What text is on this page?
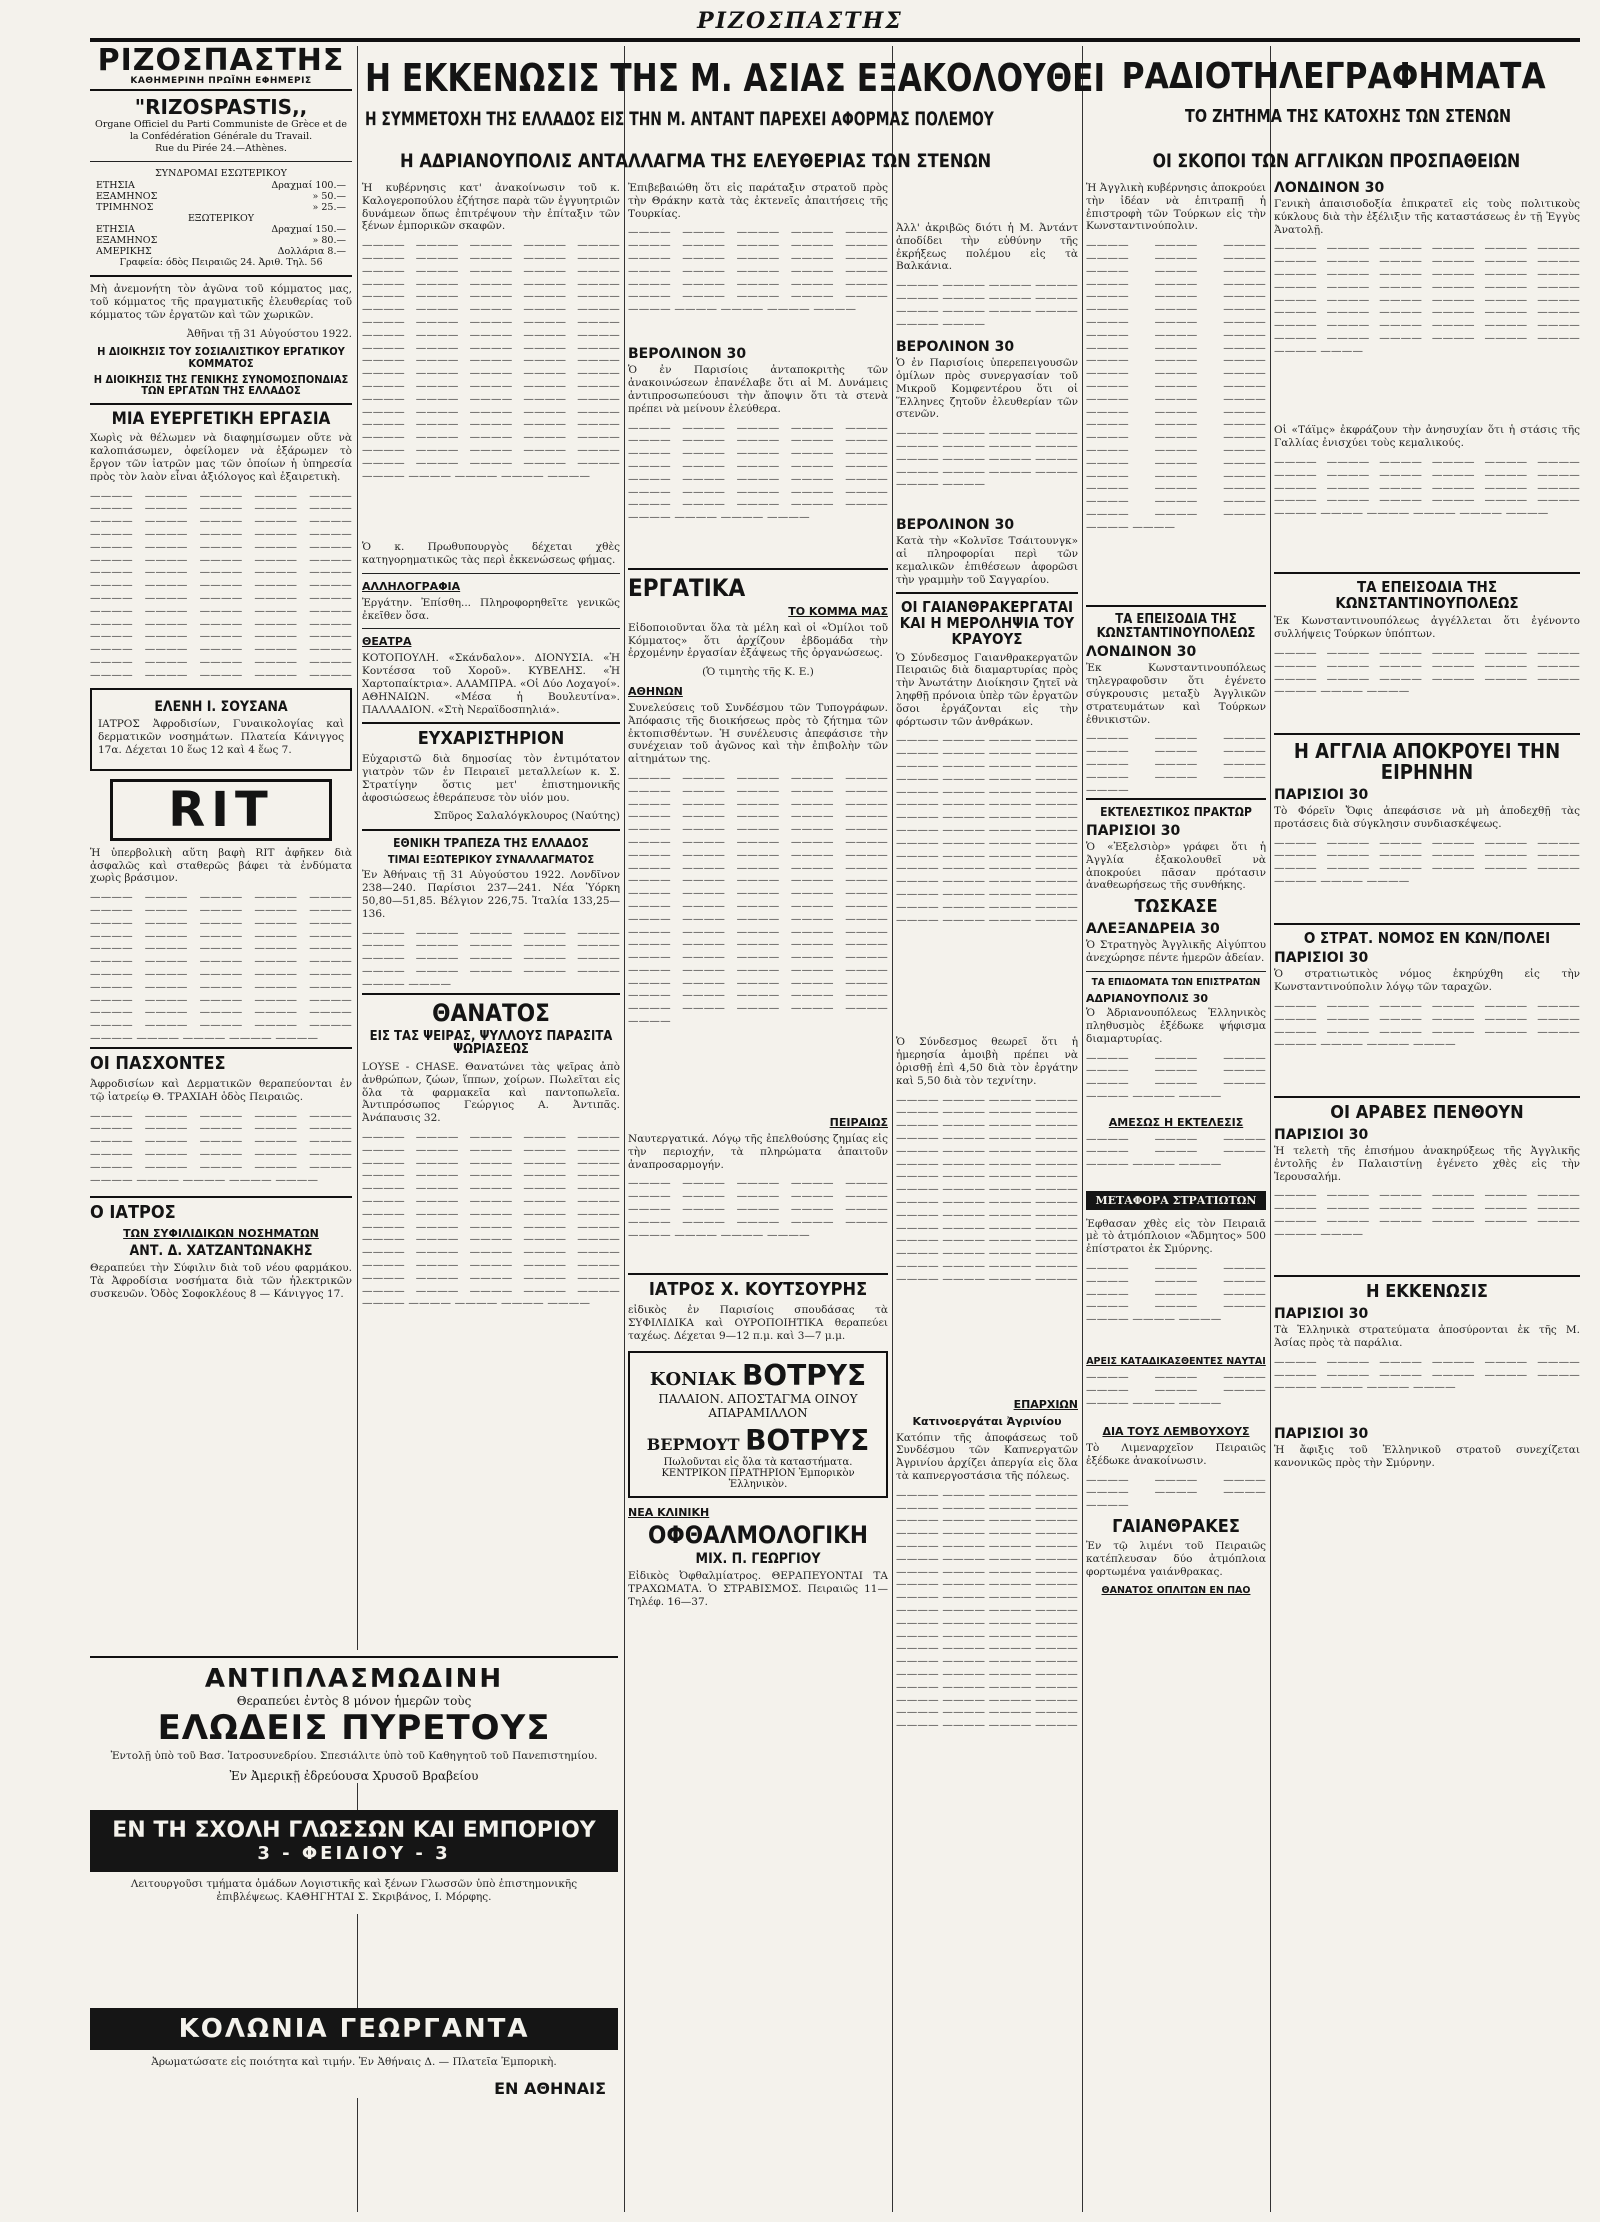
ΡΙΖΟΣΠΑΣΤΗΣ
Η ΕΚΚΕΝΩΣΙΣ ΤΗΣ Μ. ΑΣΙΑΣ ΕΞΑΚΟΛΟΥΘΕΙ
Η ΣΥΜΜΕΤΟΧΗ ΤΗΣ ΕΛΛΑΔΟΣ ΕΙΣ ΤΗΝ Μ. ΑΝΤΑΝΤ ΠΑΡΕΧΕΙ ΑΦΟΡΜΑΣ ΠΟΛΕΜΟΥ
Η ΑΔΡΙΑΝΟΥΠΟΛΙΣ ΑΝΤΑΛΛΑΓΜΑ ΤΗΣ ΕΛΕΥΘΕΡΙΑΣ ΤΩΝ ΣΤΕΝΩΝ
ΡΑΔΙΟΤΗΛΕΓΡΑΦΗΜΑΤΑ
ΤΟ ΖΗΤΗΜΑ ΤΗΣ ΚΑΤΟΧΗΣ ΤΩΝ ΣΤΕΝΩΝ
ΟΙ ΣΚΟΠΟΙ ΤΩΝ ΑΓΓΛΙΚΩΝ ΠΡΟΣΠΑΘΕΙΩΝ
ΡΙΖΟΣΠΑΣΤΗΣ
ΚΑΘΗΜΕΡΙΝΗ ΠΡΩΪΝΗ ΕΦΗΜΕΡΙΣ
"RIZOSPASTIS,,
Organe Officiel du Parti Communiste de Grèce et de la Confédération Générale du Travail.
Rue du Pirée 24.—Athènes.
ΣΥΝΔΡΟΜΑΙ ΕΣΩΤΕΡΙΚΟΥ
ΕΤΗΣΙΑ	Δραχμαί 100.—
ΕΞΑΜΗΝΟΣ	» 50.—
ΤΡΙΜΗΝΟΣ	» 25.—
ΕΞΩΤΕΡΙΚΟΥ
ΕΤΗΣΙΑ	Δραχμαί 150.—
ΕΞΑΜΗΝΟΣ	» 80.—
ΑΜΕΡΙΚΗΣ	Δολλάρια 8.—
Γραφεία: όδὸς Πειραιῶς 24. Ἀριθ. Τηλ. 56
Μὴ ἀνεμονήτη τὸν ἀγῶνα τοῦ κόμματος μας, τοῦ κόμματος τῆς πραγματικῆς ἐλευθερίας τοῦ κόμματος τῶν ἐργατῶν καὶ τῶν χωρικῶν.
Ἀθῆναι τῇ 31 Αὐγούστου 1922.
Η ΔΙΟΙΚΗΣΙΣ ΤΟΥ ΣΟΣΙΑΛΙΣΤΙΚΟΥ ΕΡΓΑΤΙΚΟΥ ΚΟΜΜΑΤΟΣ
Η ΔΙΟΙΚΗΣΙΣ ΤΗΣ ΓΕΝΙΚΗΣ ΣΥΝΟΜΟΣΠΟΝΔΙΑΣ ΤΩΝ ΕΡΓΑΤΩΝ ΤΗΣ ΕΛΛΑΔΟΣ
ΜΙΑ ΕΥΕΡΓΕΤΙΚΗ ΕΡΓΑΣΙΑ
Χωρὶς νὰ θέλωμεν νὰ διαφημίσωμεν οὔτε νὰ καλοπιάσωμεν, ὀφείλομεν νὰ ἐξάρωμεν τὸ ἔργον τῶν ἰατρῶν μας τῶν ὁποίων ἡ ὑπηρεσία πρὸς τὸν λαὸν εἶναι ἀξιόλογος καὶ ἐξαιρετικὴ.
———— ———— ———— ———— ———— ———— ———— ———— ———— ———— ———— ———— ———— ———— ———— ———— ———— ———— ———— ———— ———— ———— ———— ———— ———— ———— ———— ———— ———— ———— ———— ———— ———— ———— ———— ———— ———— ———— ———— ———— ———— ———— ———— ———— ———— ———— ———— ———— ———— ———— ———— ———— ———— ———— ———— ———— ———— ———— ———— ———— ———— ———— ———— ———— ———— ———— ———— ———— ———— ———— ———— ———— ———— ———— ————
ΕΛΕΝΗ Ι. ΣΟΥΣΑΝΑ
ΙΑΤΡΟΣ Ἀφροδισίων, Γυναικολογίας καὶ δερματικῶν νοσημάτων. Πλατεία Κάνιγγος 17α. Δέχεται 10 ἕως 12 καὶ 4 ἕως 7.
RIT
Ἡ ὑπερβολικὴ αὕτη βαφὴ RIT ἀφῆκεν διὰ ἀσφαλῶς καὶ σταθερῶς βάφει τὰ ἐνδύματα χωρὶς βράσιμον.
———— ———— ———— ———— ———— ———— ———— ———— ———— ———— ———— ———— ———— ———— ———— ———— ———— ———— ———— ———— ———— ———— ———— ———— ———— ———— ———— ———— ———— ———— ———— ———— ———— ———— ———— ———— ———— ———— ———— ———— ———— ———— ———— ———— ———— ———— ———— ———— ———— ———— ———— ———— ———— ———— ———— ———— ———— ———— ———— ————
ΟΙ ΠΑΣΧΟΝΤΕΣ
Ἀφροδισίων καὶ Δερματικῶν θεραπεύονται ἐν τῷ ἰατρείῳ Θ. ΤΡΑΧΙΑΗ ὁδὸς Πειραιῶς.
———— ———— ———— ———— ———— ———— ———— ———— ———— ———— ———— ———— ———— ———— ———— ———— ———— ———— ———— ———— ———— ———— ———— ———— ———— ———— ———— ———— ———— ————
Ο ΙΑΤΡΟΣ
ΤΩΝ ΣΥΦΙΛΙΔΙΚΩΝ ΝΟΣΗΜΑΤΩΝ
ΑΝΤ. Δ. ΧΑΤΖΑΝΤΩΝΑΚΗΣ
Θεραπεύει τὴν Σύφιλιν διὰ τοῦ νέου φαρμάκου. Τὰ Ἀφροδίσια νοσήματα διὰ τῶν ἠλεκτρικῶν συσκευῶν. Ὁδὸς Σοφοκλέους 8 — Κάνιγγος 17.
Ἡ κυβέρνησις κατ' ἀνακοίνωσιν τοῦ κ. Καλογεροπούλου ἐζήτησε παρὰ τῶν ἐγγυητριῶν δυνάμεων ὅπως ἐπιτρέψουν τὴν ἐπίταξιν τῶν ξένων ἐμπορικῶν σκαφῶν.
———— ———— ———— ———— ———— ———— ———— ———— ———— ———— ———— ———— ———— ———— ———— ———— ———— ———— ———— ———— ———— ———— ———— ———— ———— ———— ———— ———— ———— ———— ———— ———— ———— ———— ———— ———— ———— ———— ———— ———— ———— ———— ———— ———— ———— ———— ———— ———— ———— ———— ———— ———— ———— ———— ———— ———— ———— ———— ———— ———— ———— ———— ———— ———— ———— ———— ———— ———— ———— ———— ———— ———— ———— ———— ———— ———— ———— ———— ———— ———— ———— ———— ———— ———— ———— ———— ———— ———— ———— ———— ———— ———— ———— ———— ————
Ὁ κ. Πρωθυπουργὸς δέχεται χθὲς κατηγορηματικῶς τὰς περὶ ἐκκενώσεως φήμας.
ΑΛΛΗΛΟΓΡΑΦΙΑ
Ἐργάτην. Ἐπίσθη... Πληροφορηθεῖτε γενικῶς ἐκεῖθεν ὅσα.
ΘΕΑΤΡΑ
ΚΟΤΟΠΟΥΛΗ. «Σκάνδαλον». ΔΙΟΝΥΣΙΑ. «Ἡ Κοντέσσα τοῦ Χοροῦ». ΚΥΒΕΛΗΣ. «Ἡ Χαρτοπαίκτρια». ΑΛΑΜΠΡΑ. «Οἱ Δύο Λοχαγοί». ΑΘΗΝΑΙΩΝ. «Μέσα ἡ Βουλευτίνα». ΠΑΛΛΑΔΙΟΝ. «Στὴ Νεραϊδοσπηλιά».
ΕΥΧΑΡΙΣΤΗΡΙΟΝ
Εὐχαριστῶ διὰ δημοσίας τὸν ἐντιμότατον γιατρὸν τῶν ἐν Πειραιεῖ μεταλλείων κ. Σ. Στρατίγην ὅστις μετ' ἐπιστημονικῆς ἀφοσιώσεως ἐθεράπευσε τὸν υἱόν μου.
Σπῦρος Σαλαλόγκλουρος (Ναύτης)
ΕΘΝΙΚΗ ΤΡΑΠΕΖΑ ΤΗΣ ΕΛΛΑΔΟΣ
ΤΙΜΑΙ ΕΞΩΤΕΡΙΚΟΥ ΣΥΝΑΛΛΑΓΜΑΤΟΣ
Ἐν Ἀθήναις τῇ 31 Αὐγούστου 1922. Λονδῖνον 238—240. Παρίσιοι 237—241. Νέα Ὑόρκη 50,80—51,85. Βέλγιον 226,75. Ἰταλία 133,25—136.
———— ———— ———— ———— ———— ———— ———— ———— ———— ———— ———— ———— ———— ———— ———— ———— ———— ———— ———— ———— ———— ————
ΘΑΝΑΤΟΣ
ΕΙΣ ΤΑΣ ΨΕΙΡΑΣ, ΨΥΛΛΟΥΣ ΠΑΡΑΣΙΤΑ ΨΩΡΙΑΣΕΩΣ
LOYSE - CHASE. Θανατώνει τὰς ψεῖρας ἀπὸ ἀνθρώπων, ζώων, ἵππων, χοίρων. Πωλεῖται εἰς ὅλα τὰ φαρμακεῖα καὶ παντοπωλεῖα. Ἀντιπρόσωπος Γεώργιος Α. Ἀντιπᾶς. Ἀνάπαυσις 32.
———— ———— ———— ———— ———— ———— ———— ———— ———— ———— ———— ———— ———— ———— ———— ———— ———— ———— ———— ———— ———— ———— ———— ———— ———— ———— ———— ———— ———— ———— ———— ———— ———— ———— ———— ———— ———— ———— ———— ———— ———— ———— ———— ———— ———— ———— ———— ———— ———— ———— ———— ———— ———— ———— ———— ———— ———— ———— ———— ———— ———— ———— ———— ———— ———— ———— ———— ———— ———— ————
Ἐπιβεβαιώθη ὅτι εἰς παράταξιν στρατοῦ πρὸς τὴν Θράκην κατὰ τὰς ἐκτενεῖς ἀπαιτήσεις τῆς Τουρκίας.
———— ———— ———— ———— ———— ———— ———— ———— ———— ———— ———— ———— ———— ———— ———— ———— ———— ———— ———— ———— ———— ———— ———— ———— ———— ———— ———— ———— ———— ———— ———— ———— ———— ———— ————
ΒΕΡΟΛΙΝΟΝ 30
Ὁ ἐν Παρισίοις ἀνταποκριτὴς τῶν ἀνακοινώσεων ἐπανέλαβε ὅτι αἱ Μ. Δυνάμεις ἀντιπροσωπεύουσι τὴν ἄποψιν ὅτι τὰ στενὰ πρέπει νὰ μείνουν ἐλεύθερα.
———— ———— ———— ———— ———— ———— ———— ———— ———— ———— ———— ———— ———— ———— ———— ———— ———— ———— ———— ———— ———— ———— ———— ———— ———— ———— ———— ———— ———— ———— ———— ———— ———— ———— ———— ———— ———— ———— ————
ΕΡΓΑΤΙΚΑ
ΤΟ ΚΟΜΜΑ ΜΑΣ
Εἰδοποιοῦνται ὅλα τὰ μέλη καὶ οἱ «Ὀμίλοι τοῦ Κόμματος» ὅτι ἀρχίζουν ἐβδομάδα τὴν ἐρχομένην ἐργασίαν ἐξάψεως τῆς ὀργανώσεως.
(Ὁ τιμητὴς τῆς Κ. Ε.)
ΑΘΗΝΩΝ
Συνελεύσεις τοῦ Συνδέσμου τῶν Τυπογράφων. Ἀπόφασις τῆς διοικήσεως πρὸς τὸ ζήτημα τῶν ἐκτοπισθέντων. Ἡ συνέλευσις ἀπεφάσισε τὴν συνέχειαν τοῦ ἀγῶνος καὶ τὴν ἐπιβολὴν τῶν αἰτημάτων της.
———— ———— ———— ———— ———— ———— ———— ———— ———— ———— ———— ———— ———— ———— ———— ———— ———— ———— ———— ———— ———— ———— ———— ———— ———— ———— ———— ———— ———— ———— ———— ———— ———— ———— ———— ———— ———— ———— ———— ———— ———— ———— ———— ———— ———— ———— ———— ———— ———— ———— ———— ———— ———— ———— ———— ———— ———— ———— ———— ———— ———— ———— ———— ———— ———— ———— ———— ———— ———— ———— ———— ———— ———— ———— ———— ———— ———— ———— ———— ———— ———— ———— ———— ———— ———— ———— ———— ———— ———— ———— ———— ———— ———— ———— ———— ————
ΠΕΙΡΑΙΩΣ
Ναυτεργατικά. Λόγῳ τῆς ἐπελθούσης ζημίας εἰς τὴν περιοχήν, τὰ πληρώματα ἀπαιτοῦν ἀναπροσαρμογήν.
———— ———— ———— ———— ———— ———— ———— ———— ———— ———— ———— ———— ———— ———— ———— ———— ———— ———— ———— ———— ———— ———— ———— ————
ΙΑΤΡΟΣ Χ. ΚΟΥΤΣΟΥΡΗΣ
εἰδικὸς ἐν Παρισίοις σπουδάσας τὰ ΣΥΦΙΛΙΔΙΚΑ καὶ ΟΥΡΟΠΟΙΗΤΙΚΑ θεραπεύει ταχέως. Δέχεται 9—12 π.μ. καὶ 3—7 μ.μ.
ΚΟΝΙΑΚ ΒΟΤΡΥΣ
ΠΑΛΑΙΟΝ. ΑΠΟΣΤΑΓΜΑ ΟΙΝΟΥ ΑΠΑΡΑΜΙΛΛΟΝ
ΒΕΡΜΟΥΤ ΒΟΤΡΥΣ
Πωλοῦνται εἰς ὅλα τὰ καταστήματα. ΚΕΝΤΡΙΚΟΝ ΠΡΑΤΗΡΙΟΝ Ἐμπορικὸν Ἑλληνικὸν.
ΝΕΑ ΚΛΙΝΙΚΗ
ΟΦΘΑΛΜΟΛΟΓΙΚΗ
ΜΙΧ. Π. ΓΕΩΡΓΙΟΥ
Εἰδικὸς Ὀφθαλμίατρος. ΘΕΡΑΠΕΥΟΝΤΑΙ ΤΑ ΤΡΑΧΩΜΑΤΑ. Ὁ ΣΤΡΑΒΙΣΜΟΣ. Πειραιῶς 11—Τηλέφ. 16—37.
Ἀλλ' ἀκριβῶς διότι ἡ Μ. Ἀντάντ ἀποδίδει τὴν εὐθύνην τῆς ἐκρήξεως πολέμου εἰς τὰ Βαλκάνια.
———— ———— ———— ———— ———— ———— ———— ———— ———— ———— ———— ———— ———— ————
ΒΕΡΟΛΙΝΟΝ 30
Ὁ ἐν Παρισίοις ὑπερεπειγουσῶν ὁμίλων πρὸς συνεργασίαν τοῦ Μικροῦ Κομφεντέρου ὅτι οἱ Ἕλληνες ζητοῦν ἐλευθερίαν τῶν στενῶν.
———— ———— ———— ———— ———— ———— ———— ———— ———— ———— ———— ———— ———— ———— ———— ———— ———— ————
ΒΕΡΟΛΙΝΟΝ 30
Κατὰ τὴν «Κολνῖσε Τσάιτουνγκ» αἱ πληροφορίαι περὶ τῶν κεμαλικῶν ἐπιθέσεων ἀφορῶσι τὴν γραμμὴν τοῦ Σαγγαρίου.
ΟΙ ΓΑΙΑΝΘΡΑΚΕΡΓΑΤΑΙ ΚΑΙ Η ΜΕΡΟΛΗΨΙΑ ΤΟΥ ΚΡΑΥΟΥΣ
Ὁ Σύνδεσμος Γαιανθρακεργατῶν Πειραιῶς διὰ διαμαρτυρίας πρὸς τὴν Ἀνωτάτην Διοίκησιν ζητεῖ νὰ ληφθῇ πρόνοια ὑπὲρ τῶν ἐργατῶν ὅσοι ἐργάζονται εἰς τὴν φόρτωσιν τῶν ἀνθράκων.
———— ———— ———— ———— ———— ———— ———— ———— ———— ———— ———— ———— ———— ———— ———— ———— ———— ———— ———— ———— ———— ———— ———— ———— ———— ———— ———— ———— ———— ———— ———— ———— ———— ———— ———— ———— ———— ———— ———— ———— ———— ———— ———— ———— ———— ———— ———— ———— ———— ———— ———— ———— ———— ———— ———— ———— ———— ———— ———— ————
Ὁ Σύνδεσμος θεωρεῖ ὅτι ἡ ἡμερησία ἀμοιβὴ πρέπει νὰ ὁρισθῇ ἐπὶ 4,50 διὰ τὸν ἐργάτην καὶ 5,50 διὰ τὸν τεχνίτην.
———— ———— ———— ———— ———— ———— ———— ———— ———— ———— ———— ———— ———— ———— ———— ———— ———— ———— ———— ———— ———— ———— ———— ———— ———— ———— ———— ———— ———— ———— ———— ———— ———— ———— ———— ———— ———— ———— ———— ———— ———— ———— ———— ———— ———— ———— ———— ———— ———— ———— ———— ———— ———— ———— ———— ———— ———— ———— ———— ————
ΕΠΑΡΧΙΩΝ
Κατινοεργάται Ἀγρινίου
Κατόπιν τῆς ἀποφάσεως τοῦ Συνδέσμου τῶν Καπνεργατῶν Ἀγρινίου ἀρχίζει ἀπεργία εἰς ὅλα τὰ καπνεργοστάσια τῆς πόλεως.
———— ———— ———— ———— ———— ———— ———— ———— ———— ———— ———— ———— ———— ———— ———— ———— ———— ———— ———— ———— ———— ———— ———— ———— ———— ———— ———— ———— ———— ———— ———— ———— ———— ———— ———— ———— ———— ———— ———— ———— ———— ———— ———— ———— ———— ———— ———— ———— ———— ———— ———— ———— ———— ———— ———— ———— ———— ———— ———— ———— ———— ———— ———— ———— ———— ———— ———— ———— ———— ———— ———— ———— ———— ———— ———— ————
Ἡ Ἀγγλικὴ κυβέρνησις ἀποκρούει τὴν ἰδέαν νὰ ἐπιτραπῇ ἡ ἐπιστροφὴ τῶν Τούρκων εἰς τὴν Κωνσταντινούπολιν.
———— ———— ———— ———— ———— ———— ———— ———— ———— ———— ———— ———— ———— ———— ———— ———— ———— ———— ———— ———— ———— ———— ———— ———— ———— ———— ———— ———— ———— ———— ———— ———— ———— ———— ———— ———— ———— ———— ———— ———— ———— ———— ———— ———— ———— ———— ———— ———— ———— ———— ———— ———— ———— ———— ———— ———— ———— ———— ———— ———— ———— ———— ———— ———— ———— ———— ———— ————
ΤΑ ΕΠΕΙΣΟΔΙΑ ΤΗΣ ΚΩΝΣΤΑΝΤΙΝΟΥΠΟΛΕΩΣ
ΛΟΝΔΙΝΟΝ 30
Ἐκ Κωνσταντινουπόλεως τηλεγραφοῦσιν ὅτι ἐγένετο σύγκρουσις μεταξὺ Ἀγγλικῶν στρατευμάτων καὶ Τούρκων ἐθνικιστῶν.
———— ———— ———— ———— ———— ———— ———— ———— ———— ———— ———— ———— ————
ΕΚΤΕΛΕΣΤΙΚΟΣ ΠΡΑΚΤΩΡ
ΠΑΡΙΣΙΟΙ 30
Ὁ «Ἐξελσιὸρ» γράφει ὅτι ἡ Ἀγγλία ἐξακολουθεῖ νὰ ἀποκρούει πᾶσαν πρότασιν ἀναθεωρήσεως τῆς συνθήκης.
ΤΩΣΚΑΣΕ
ΑΛΕΞΑΝΔΡΕΙΑ 30
Ὁ Στρατηγὸς Ἀγγλικῆς Αἰγύπτου ἀνεχώρησε πέντε ἡμερῶν ἀδείαν.
ΤΑ ΕΠΙΔΟΜΑΤΑ ΤΩΝ ΕΠΙΣΤΡΑΤΩΝ
ΑΔΡΙΑΝΟΥΠΟΛΙΣ 30
Ὁ Ἀδριανουπόλεως Ἑλληνικὸς πληθυσμὸς ἐξέδωκε ψήφισμα διαμαρτυρίας.
———— ———— ———— ———— ———— ———— ———— ———— ———— ———— ———— ————
ΑΜΕΣΩΣ Η ΕΚΤΕΛΕΣΙΣ
———— ———— ———— ———— ———— ———— ———— ———— ————
ΜΕΤΑΦΟΡΑ ΣΤΡΑΤΙΩΤΩΝ
Ἐφθασαν χθὲς εἰς τὸν Πειραιᾶ μὲ τὸ ἀτμόπλοιον «Ἄδμητος» 500 ἐπίστρατοι ἐκ Σμύρνης.
———— ———— ———— ———— ———— ———— ———— ———— ———— ———— ———— ———— ———— ———— ————
ΑΡΕΙΣ ΚΑΤΑΔΙΚΑΣΘΕΝΤΕΣ ΝΑΥΤΑΙ
———— ———— ———— ———— ———— ———— ———— ———— ————
ΔΙΑ ΤΟΥΣ ΛΕΜΒΟΥΧΟΥΣ
Τὸ Λιμεναρχεῖον Πειραιῶς ἐξέδωκε ἀνακοίνωσιν.
———— ———— ———— ———— ———— ———— ————
ΓΑΙΑΝΘΡΑΚΕΣ
Ἐν τῷ λιμένι τοῦ Πειραιῶς κατέπλευσαν δύο ἀτμόπλοια φορτωμένα γαιάνθρακας.
ΘΑΝΑΤΟΣ ΟΠΛΙΤΩΝ ΕΝ ΠΑΟ
ΛΟΝΔΙΝΟΝ 30
Γενικὴ ἀπαισιοδοξία ἐπικρατεῖ εἰς τοὺς πολιτικοὺς κύκλους διὰ τὴν ἐξέλιξιν τῆς καταστάσεως ἐν τῇ Ἐγγὺς Ἀνατολῇ.
———— ———— ———— ———— ———— ———— ———— ———— ———— ———— ———— ———— ———— ———— ———— ———— ———— ———— ———— ———— ———— ———— ———— ———— ———— ———— ———— ———— ———— ———— ———— ———— ———— ———— ———— ———— ———— ———— ———— ———— ———— ———— ———— ———— ———— ———— ———— ———— ———— ————
Οἱ «Τάϊμς» ἐκφράζουν τὴν ἀνησυχίαν ὅτι ἡ στάσις τῆς Γαλλίας ἐνισχύει τοὺς κεμαλικούς.
———— ———— ———— ———— ———— ———— ———— ———— ———— ———— ———— ———— ———— ———— ———— ———— ———— ———— ———— ———— ———— ———— ———— ———— ———— ———— ———— ———— ———— ————
ΤΑ ΕΠΕΙΣΟΔΙΑ ΤΗΣ ΚΩΝΣΤΑΝΤΙΝΟΥΠΟΛΕΩΣ
Ἐκ Κωνσταντινουπόλεως ἀγγέλλεται ὅτι ἐγένοντο συλλήψεις Τούρκων ὑπόπτων.
———— ———— ———— ———— ———— ———— ———— ———— ———— ———— ———— ———— ———— ———— ———— ———— ———— ———— ———— ———— ————
Η ΑΓΓΛΙΑ ΑΠΟΚΡΟΥΕΙ ΤΗΝ ΕΙΡΗΝΗΝ
ΠΑΡΙΣΙΟΙ 30
Τὸ Φόρεϊν Ὄφις ἀπεφάσισε νὰ μὴ ἀποδεχθῇ τὰς προτάσεις διὰ σύγκλησιν συνδιασκέψεως.
———— ———— ———— ———— ———— ———— ———— ———— ———— ———— ———— ———— ———— ———— ———— ———— ———— ———— ———— ———— ————
Ο ΣΤΡΑΤ. ΝΟΜΟΣ ΕΝ ΚΩΝ/ΠΟΛΕΙ
ΠΑΡΙΣΙΟΙ 30
Ὁ στρατιωτικὸς νόμος ἐκηρύχθη εἰς τὴν Κωνσταντινούπολιν λόγῳ τῶν ταραχῶν.
———— ———— ———— ———— ———— ———— ———— ———— ———— ———— ———— ———— ———— ———— ———— ———— ———— ———— ———— ———— ———— ————
ΟΙ ΑΡΑΒΕΣ ΠΕΝΘΟΥΝ
ΠΑΡΙΣΙΟΙ 30
Ἡ τελετὴ τῆς ἐπισήμου ἀνακηρύξεως τῆς Ἀγγλικῆς ἐντολῆς ἐν Παλαιστίνῃ ἐγένετο χθὲς εἰς τὴν Ἱερουσαλήμ.
———— ———— ———— ———— ———— ———— ———— ———— ———— ———— ———— ———— ———— ———— ———— ———— ———— ———— ———— ————
Η ΕΚΚΕΝΩΣΙΣ
ΠΑΡΙΣΙΟΙ 30
Τὰ Ἑλληνικὰ στρατεύματα ἀποσύρονται ἐκ τῆς Μ. Ἀσίας πρὸς τὰ παράλια.
———— ———— ———— ———— ———— ———— ———— ———— ———— ———— ———— ———— ———— ———— ———— ————
ΠΑΡΙΣΙΟΙ 30
Ἡ ἄφιξις τοῦ Ἑλληνικοῦ στρατοῦ συνεχίζεται κανονικῶς πρὸς τὴν Σμύρνην.
ΑΝΤΙΠΛΑΣΜΩΔΙΝΗ
Θεραπεύει ἐντὸς 8 μόνον ἡμερῶν τοὺς
ΕΛΩΔΕΙΣ ΠΥΡΕΤΟΥΣ
Ἐντολῇ ὑπὸ τοῦ Βασ. Ἰατροσυνεδρίου. Σπεσιάλιτε ὑπὸ τοῦ Καθηγητοῦ τοῦ Πανεπιστημίου.
Ἐν Ἀμερικῇ ἐδρεύουσα Χρυσοῦ Βραβείου
ΕΝ ΤΗ ΣΧΟΛΗ ΓΛΩΣΣΩΝ ΚΑΙ ΕΜΠΟΡΙΟΥ
3 - ΦΕΙΔΙΟΥ - 3
Λειτουργοῦσι τμήματα ὁμάδων Λογιστικῆς καὶ ξένων Γλωσσῶν ὑπὸ ἐπιστημονικῆς ἐπιβλέψεως. ΚΑΘΗΓΗΤΑΙ Σ. Σκριβάνος, Ι. Μόρφης.
ΚΟΛΩΝΙΑ ΓΕΩΡΓΑΝΤΑ
Ἀρωματώσατε εἰς ποιότητα καὶ τιμήν. Ἐν Ἀθήναις Δ. — Πλατεῖα Ἐμπορικὴ.
ΕΝ ΑΘΗΝΑΙΣ
